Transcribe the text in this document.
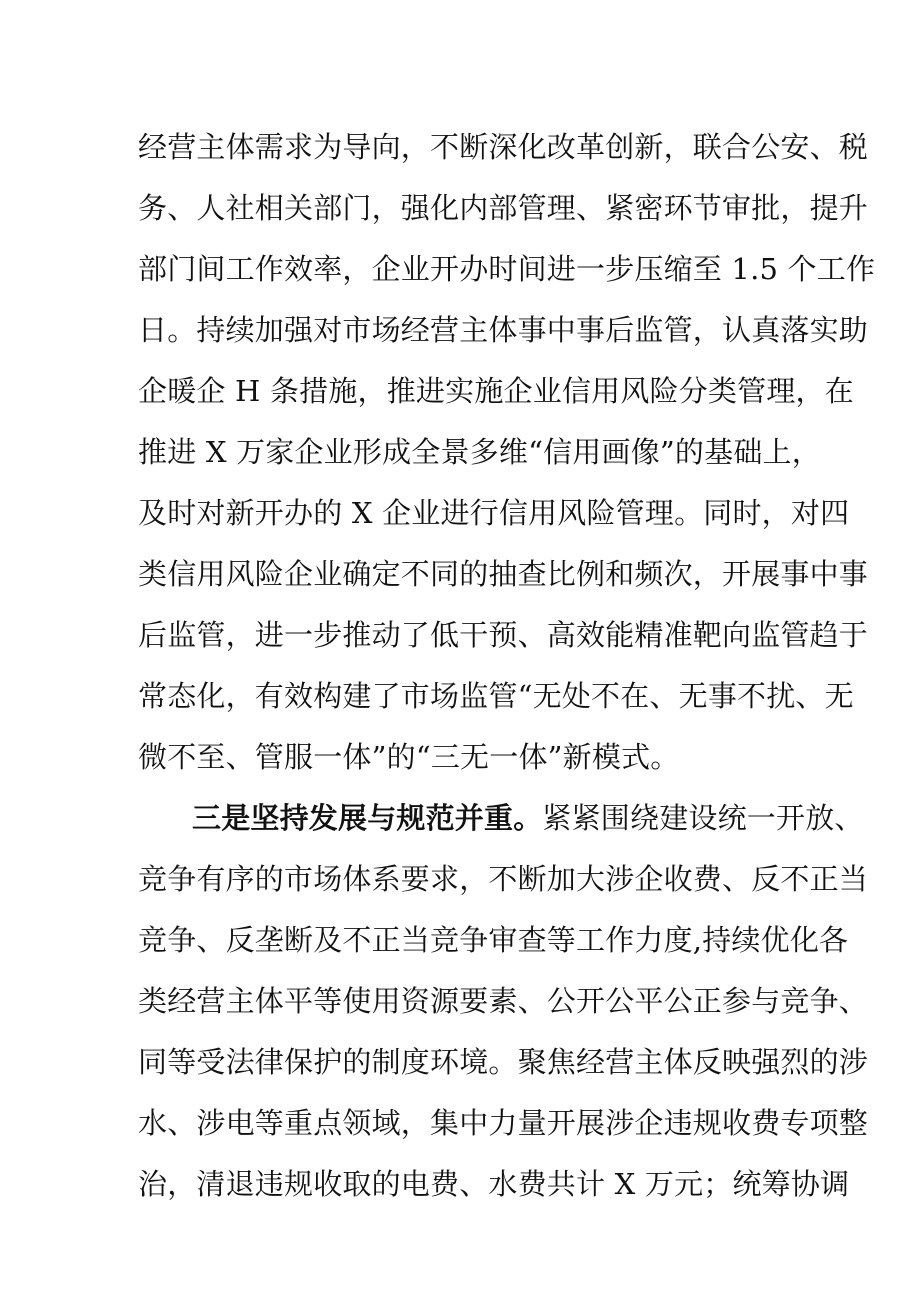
经营主体需求为导向，不断深化改革创新，联合公安、税
务、人社相关部门，强化内部管理、紧密环节审批，提升
部门间工作效率，企业开办时间进一步压缩至 1.5 个工作
日。持续加强对市场经营主体事中事后监管，认真落实助
企暖企 H 条措施，推进实施企业信用风险分类管理，在
推进 X 万家企业形成全景多维“信用画像”的基础上，
及时对新开办的 X 企业进行信用风险管理。同时，对四
类信用风险企业确定不同的抽查比例和频次，开展事中事
后监管，进一步推动了低干预、高效能精准靶向监管趋于
常态化，有效构建了市场监管“无处不在、无事不扰、无
微不至、管服一体”的“三无一体”新模式。
三是坚持发展与规范并重。紧紧围绕建设统一开放、
竞争有序的市场体系要求，不断加大涉企收费、反不正当
竞争、反垄断及不正当竞争审查等工作力度,持续优化各
类经营主体平等使用资源要素、公开公平公正参与竞争、
同等受法律保护的制度环境。聚焦经营主体反映强烈的涉
水、涉电等重点领域，集中力量开展涉企违规收费专项整
治，清退违规收取的电费、水费共计 X 万元；统筹协调
